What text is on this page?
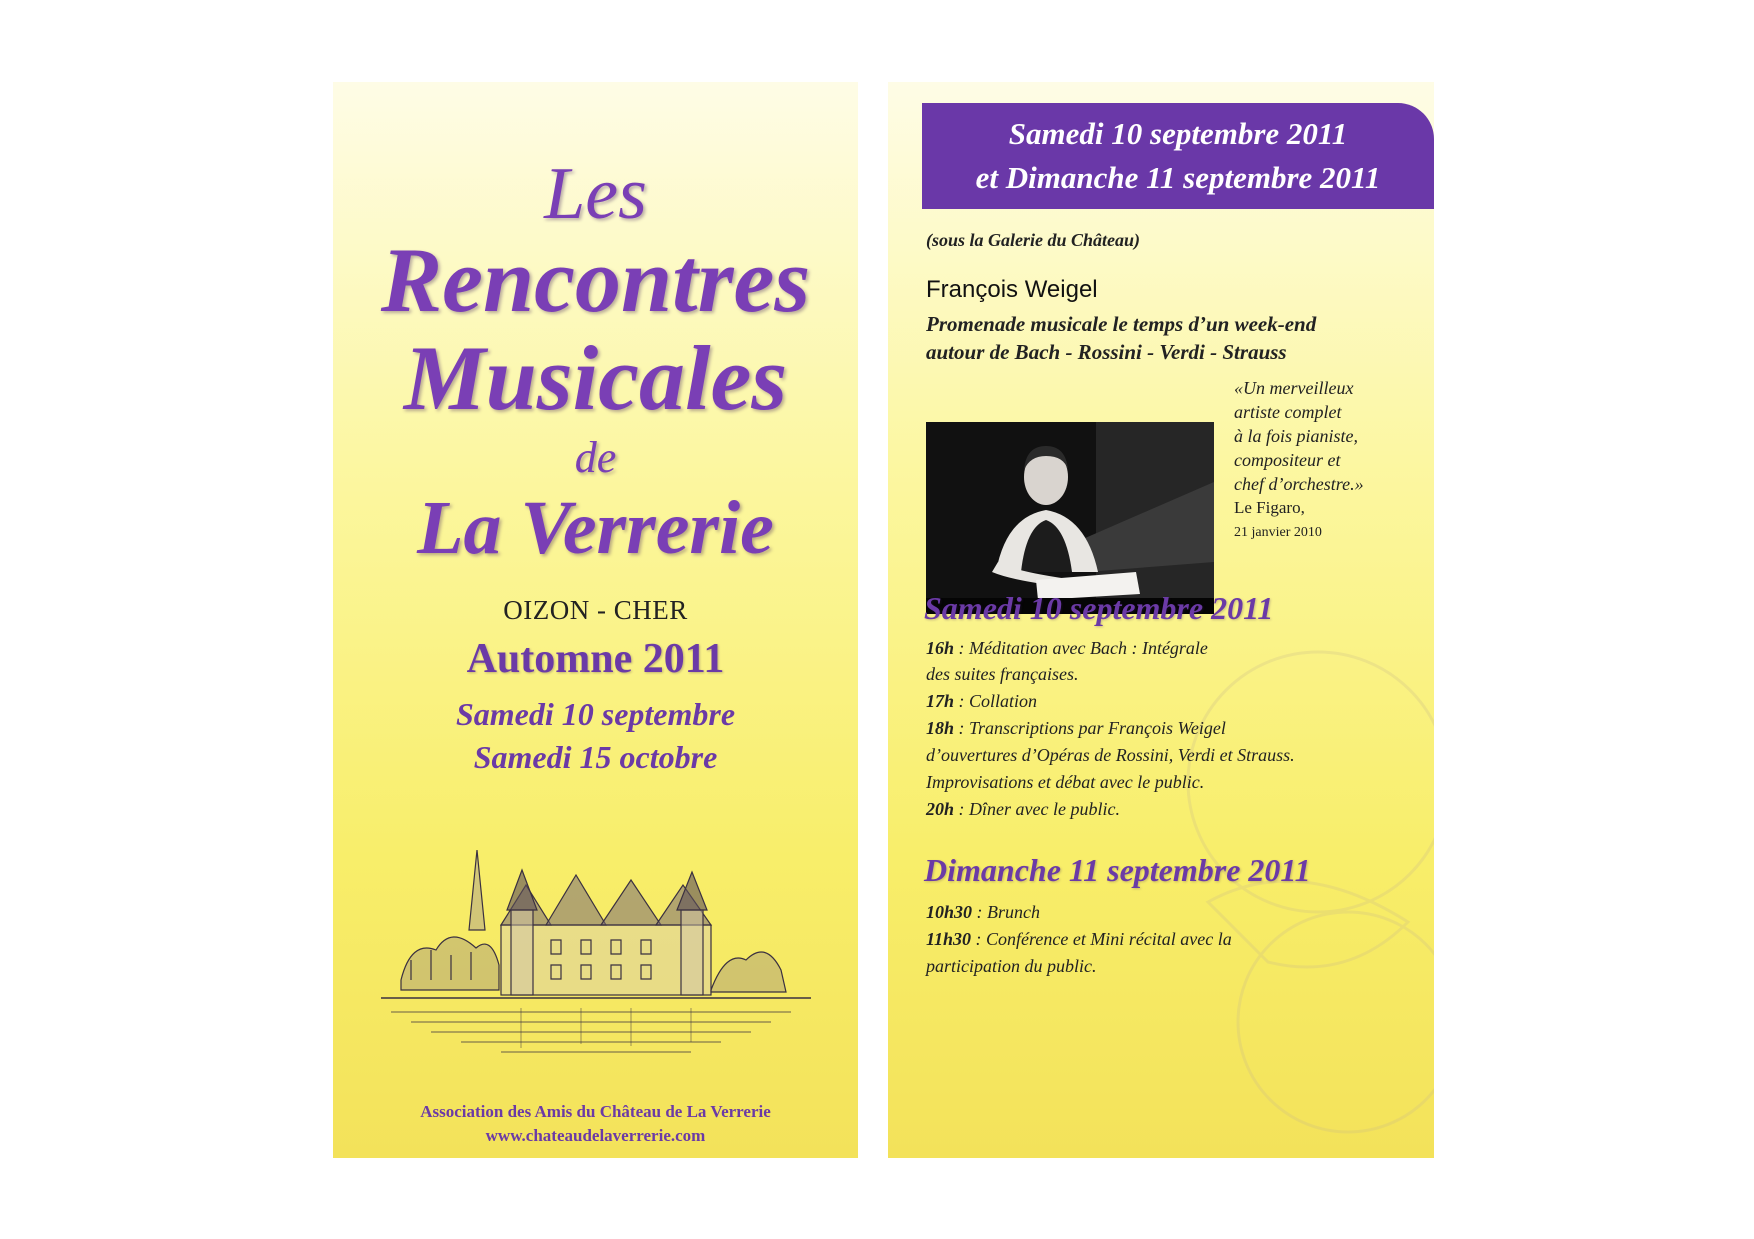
Les
Rencontres
Musicales
de
La Verrerie
OIZON - CHER
Automne 2011
Samedi 10 septembre
Samedi 15 octobre
Association des Amis du Château de La Verrerie
www.chateaudelaverrerie.com
Samedi 10 septembre 2011
et Dimanche 11 septembre 2011
(sous la Galerie du Château)
François Weigel
Promenade musicale le temps d’un week-end
autour de Bach - Rossini - Verdi - Strauss
«Un merveilleux
artiste complet
à la fois pianiste,
compositeur et
chef d’orchestre.»
Le Figaro,
21 janvier 2010
Samedi 10 septembre 2011
16h : Méditation avec Bach : Intégrale
des suites françaises.
17h : Collation
18h : Transcriptions par François Weigel
d’ouvertures d’Opéras de Rossini, Verdi et Strauss.
Improvisations et débat avec le public.
20h : Dîner avec le public.
Dimanche 11 septembre 2011
10h30 : Brunch
11h30 : Conférence et Mini récital avec la
participation du public.
